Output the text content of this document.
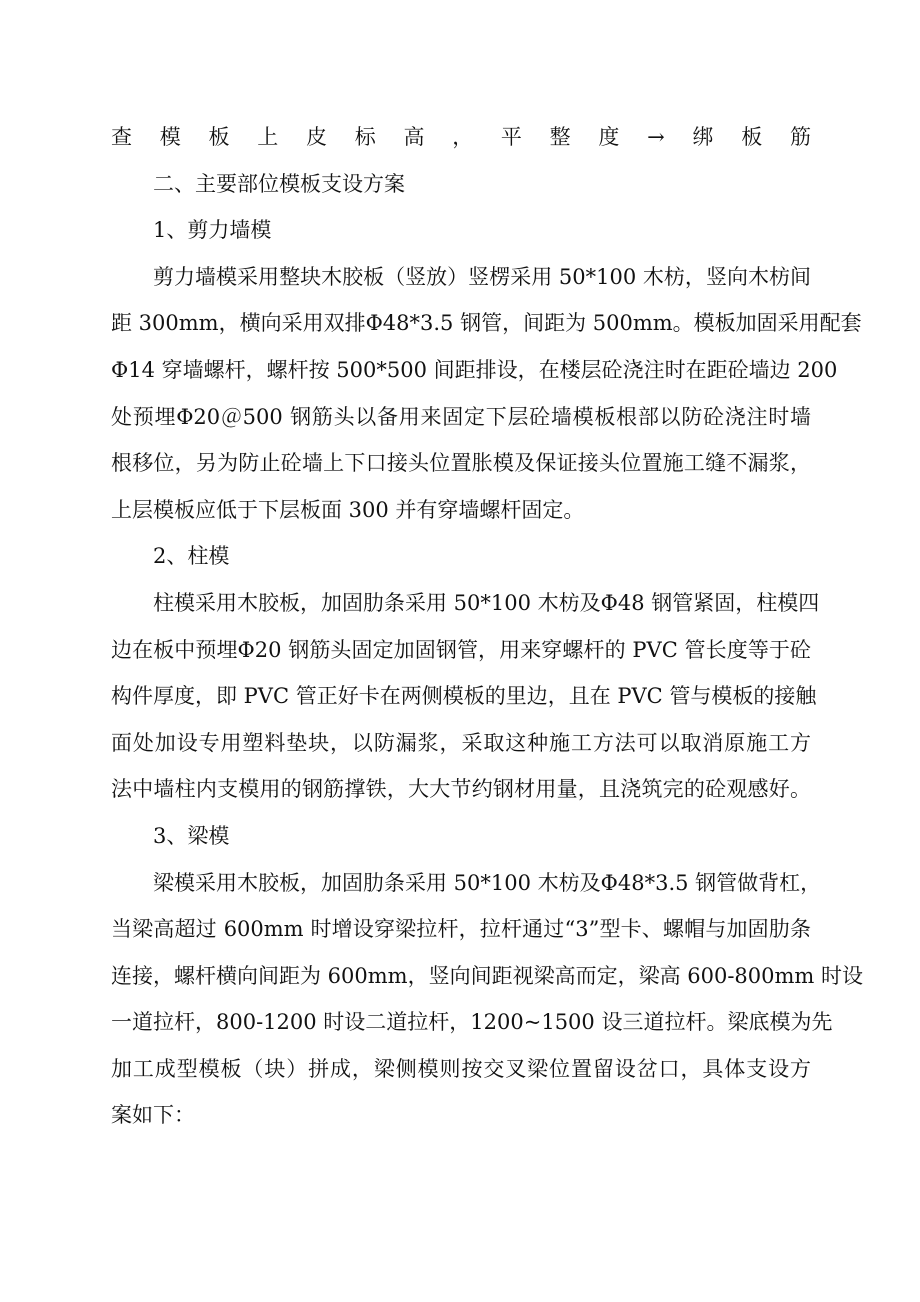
查模板上皮标高，平整度→绑板筋
二、主要部位模板支设方案
1、剪力墙模
剪力墙模采用整块木胶板（竖放）竖楞采用 50*100 木枋，竖向木枋间
距 300mm，横向采用双排Φ48*3.5 钢管，间距为 500mm。模板加固采用配套
Φ14 穿墙螺杆，螺杆按 500*500 间距排设，在楼层砼浇注时在距砼墙边 200
处预埋Φ20＠500 钢筋头以备用来固定下层砼墙模板根部以防砼浇注时墙
根移位，另为防止砼墙上下口接头位置胀模及保证接头位置施工缝不漏浆，
上层模板应低于下层板面 300 并有穿墙螺杆固定。
2、柱模
柱模采用木胶板，加固肋条采用 50*100 木枋及Φ48 钢管紧固，柱模四
边在板中预埋Φ20 钢筋头固定加固钢管，用来穿螺杆的 PVC 管长度等于砼
构件厚度，即 PVC 管正好卡在两侧模板的里边，且在 PVC 管与模板的接触
面处加设专用塑料垫块，以防漏浆，采取这种施工方法可以取消原施工方
法中墙柱内支模用的钢筋撑铁，大大节约钢材用量，且浇筑完的砼观感好。
3、梁模
梁模采用木胶板，加固肋条采用 50*100 木枋及Φ48*3.5 钢管做背杠，
当梁高超过 600mm 时增设穿梁拉杆，拉杆通过“3”型卡、螺帽与加固肋条
连接，螺杆横向间距为 600mm，竖向间距视梁高而定，梁高 600-800mm 时设
一道拉杆，800-1200 时设二道拉杆，1200~1500 设三道拉杆。梁底模为先
加工成型模板（块）拼成，梁侧模则按交叉梁位置留设岔口，具体支设方
案如下：
